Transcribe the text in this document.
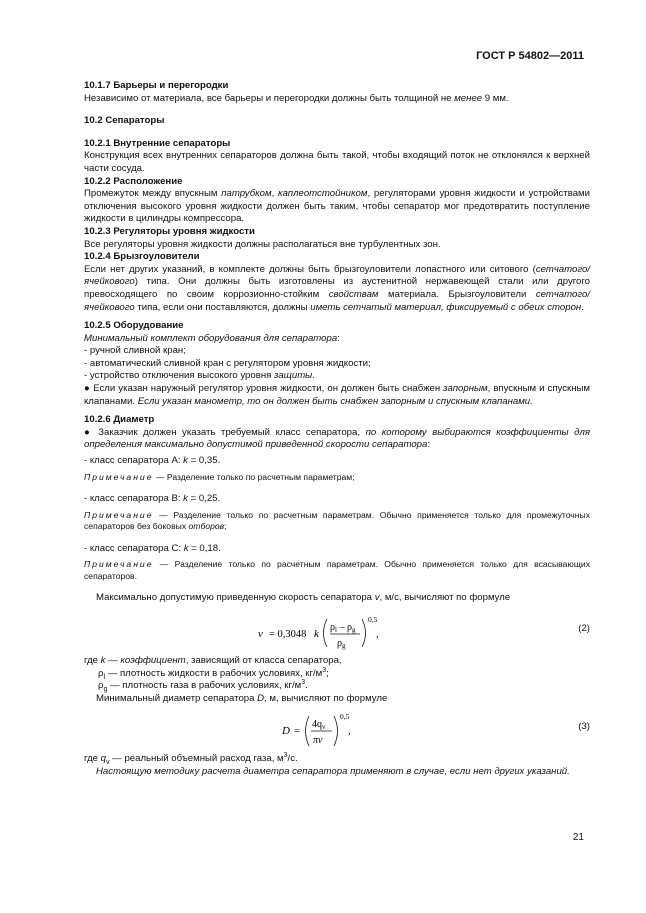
ГОСТ Р 54802—2011

10.1.7 Барьеры и перегородки

Независимо от материала, все барьеры и перегородки должны быть толщиной не менее 9 мм.

10.2 Сепараторы

10.2.1 Внутренние сепараторы

Конструкция всех внутренних сепараторов должна быть такой, чтобы входящий поток не отклонялся к верхней части сосуда.

10.2.2 Расположение

Промежуток между впускным патрубком, каплеотстойником, регуляторами уровня жидкости и устройствами отключения высокого уровня жидкости должен быть таким, чтобы сепаратор мог предотвратить поступление жидкости в цилиндры компрессора.

10.2.3 Регуляторы уровня жидкости

Все регуляторы уровня жидкости должны располагаться вне турбулентных зон.

10.2.4 Брызгоуловители

Если нет других указаний, в комплекте должны быть брызгоуловители лопастного или ситового (сетчатого/ячейкового) типа. Они должны быть изготовлены из аустенитной нержавеющей стали или другого превосходящего по своим коррозионно-стойким свойствам материала. Брызгоуловители сетчатого/ячейкового типа, если они поставляются, должны иметь сетчатый материал, фиксируемый с обеих сторон.

10.2.5 Оборудование

Минимальный комплект оборудования для сепаратора:

- ручной сливной кран;

- автоматический сливной кран с регулятором уровня жидкости;

- устройство отключения высокого уровня защиты.

● Если указан наружный регулятор уровня жидкости, он должен быть снабжен запорным, впускным и спускным клапанами. Если указан манометр, то он должен быть снабжен запорным и спускным клапанами.

10.2.6 Диаметр

● Заказчик должен указать требуемый класс сепаратора, по которому выбираются коэффициенты для определения максимально допустимой приведенной скорости сепаратора:

- класс сепаратора А: k = 0,35.

Примечание — Разделение только по расчетным параметрам;

- класс сепаратора В: k = 0,25.

Примечание — Разделение только по расчетным параметрам. Обычно применяется только для промежуточных сепараторов без боковых отборов;

- класс сепаратора С: k = 0,18.

Примечание — Разделение только по расчетным параметрам. Обычно применяется только для всасывающих сепараторов.

Максимально допустимую приведенную скорость сепаратора v, м/с, вычисляют по формуле

v = 0,3048 k
$\rho_l - \rho_g$
$\rho_g$
0,5
,
(2)

где k — коэффициент, зависящий от класса сепаратора,

$\rho_l$ — плотность жидкости в рабочих условиях, $кг/м^3$;

$\rho_g$ — плотность газа в рабочих условиях, $кг/м^3$.

Минимальный диаметр сепаратора D, м, вычисляют по формуле

D =
$4q_v$
πv
0,5
,	(3)

где $q_v$ — реальный объемный расход газа, $м^3/с$.

Настоящую методику расчета диаметра сепаратора применяют в случае, если нет других указаний.

21
